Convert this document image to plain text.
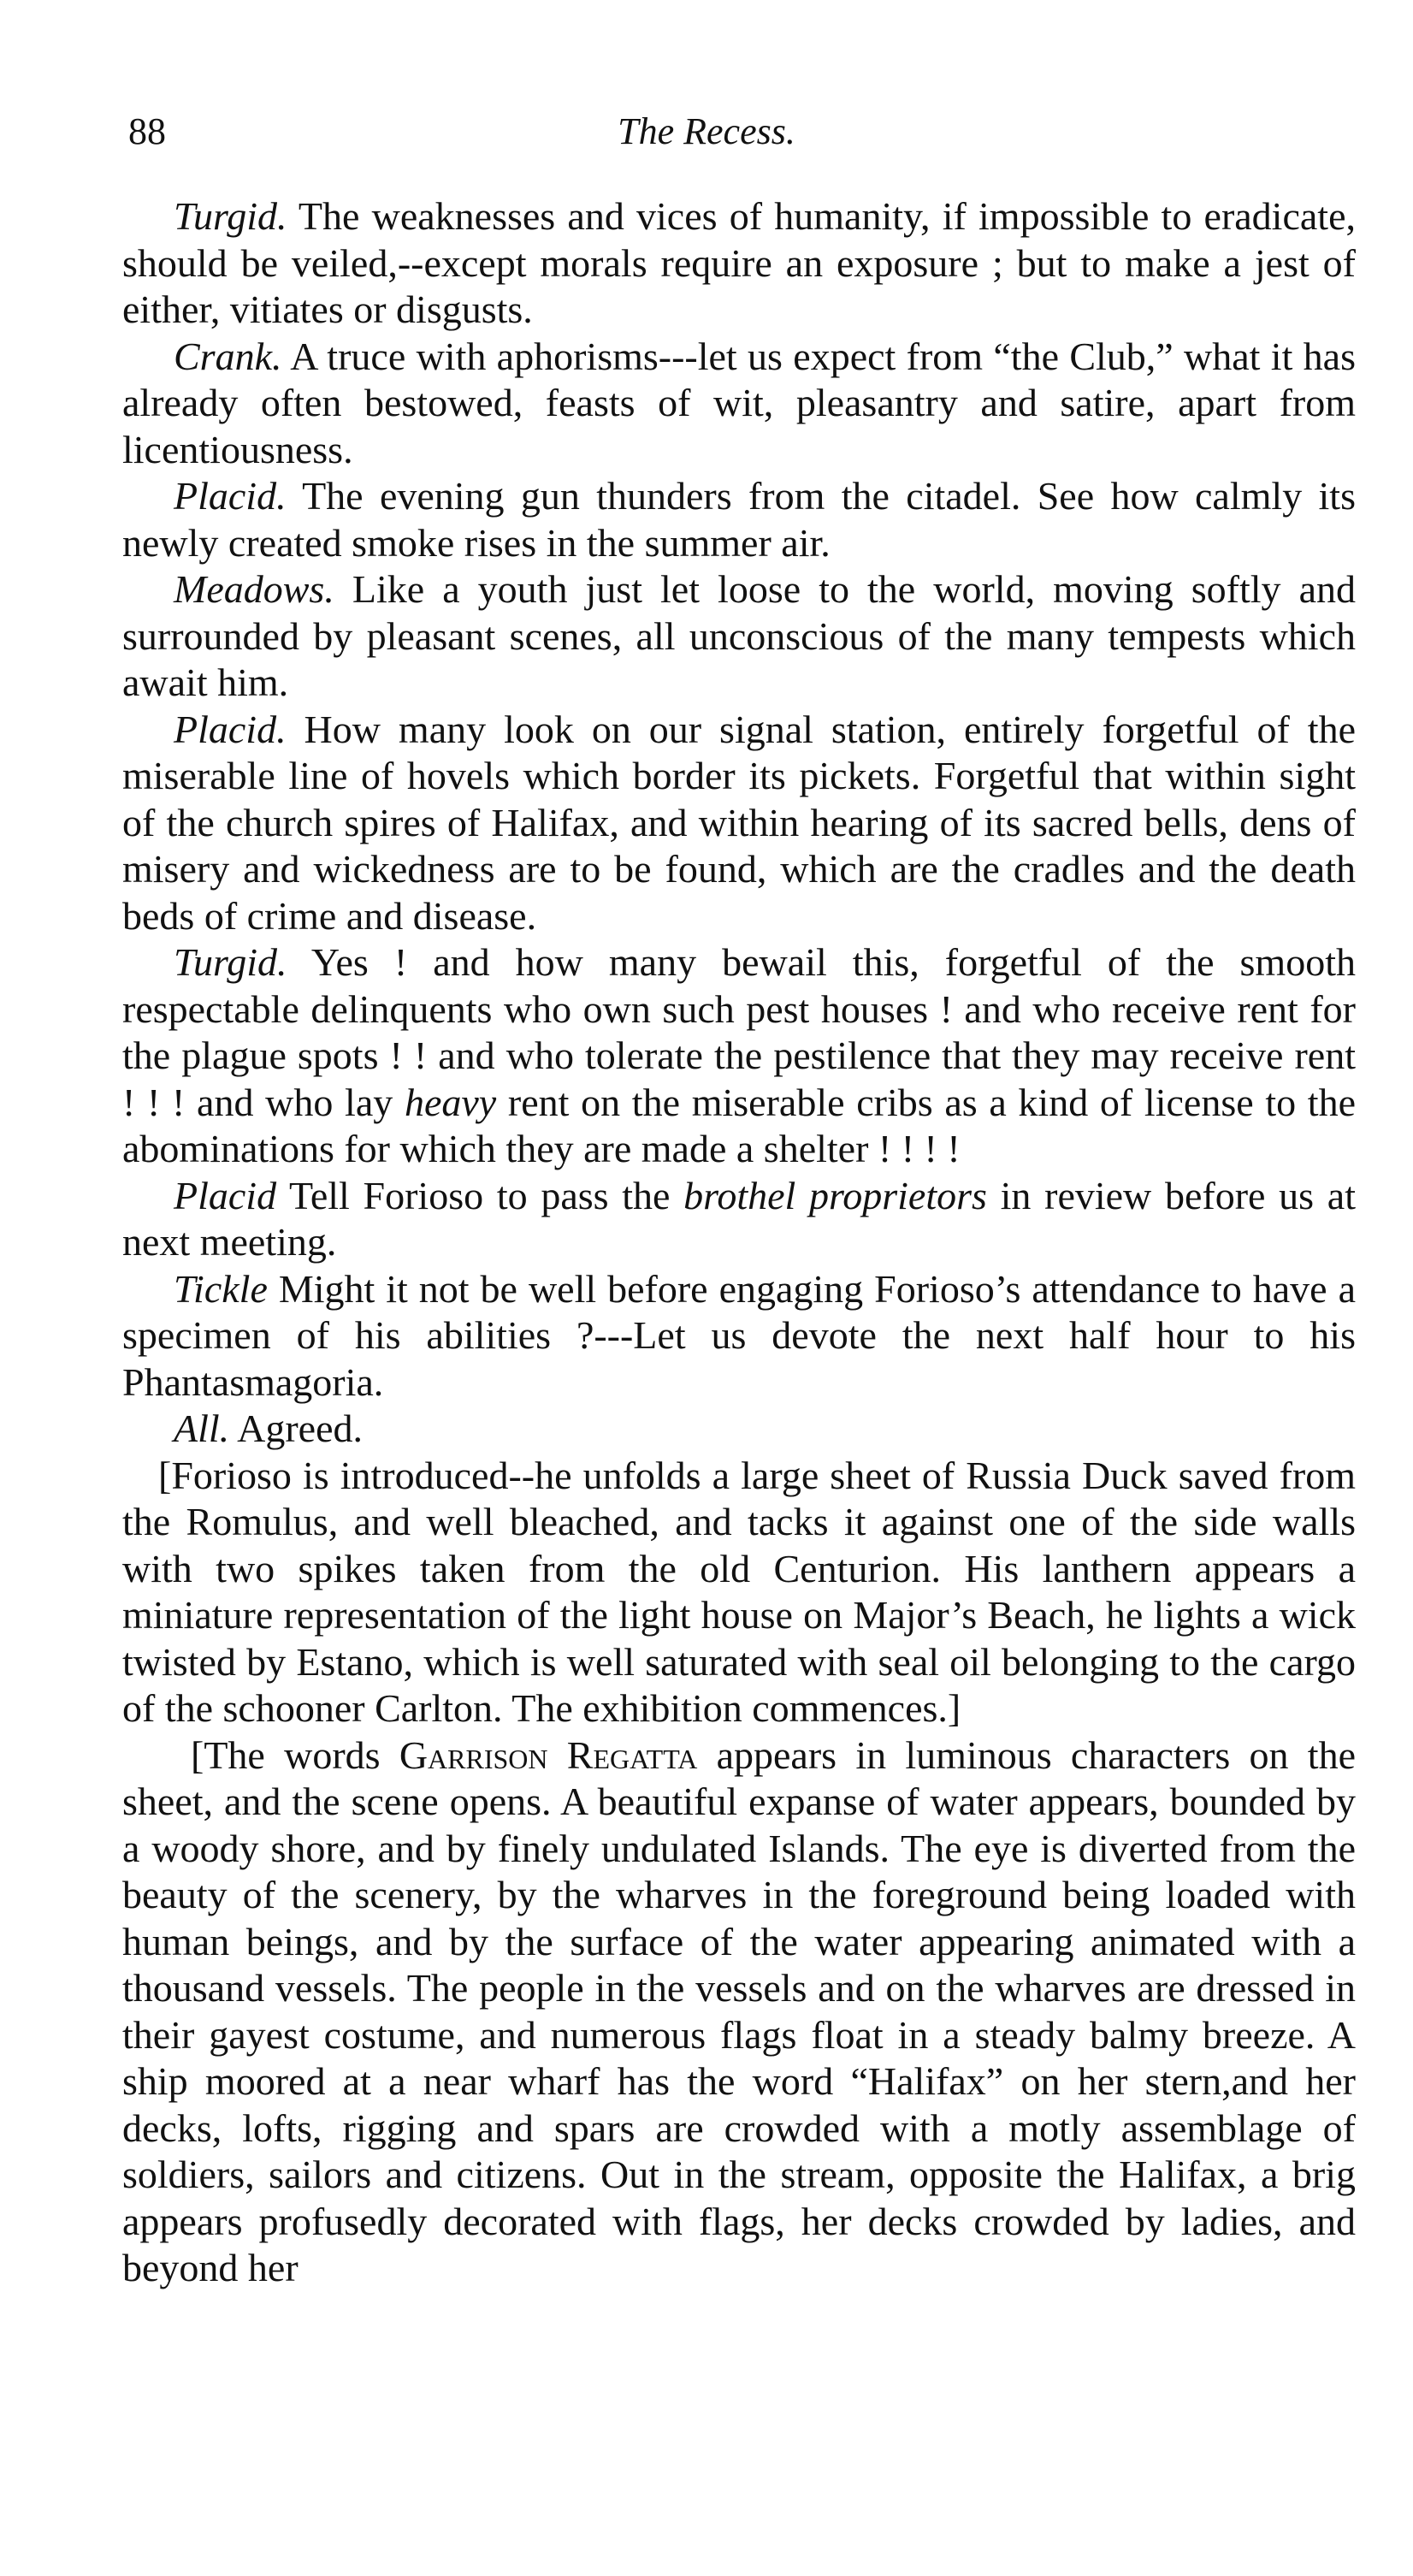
88	The Recess.

Turgid. The weaknesses and vices of humanity, if impossible to eradicate, should be veiled,--except morals require an exposure ; but to make a jest of either, vitiates or disgusts.

Crank. A truce with aphorisms---let us expect from “the Club,” what it has already often bestowed, feasts of wit, pleasantry and satire, apart from licentiousness.

Placid. The evening gun thunders from the citadel. See how calmly its newly created smoke rises in the summer air.

Meadows. Like a youth just let loose to the world, moving softly and surrounded by pleasant scenes, all unconscious of the many tempests which await him.

Placid. How many look on our signal station, entirely forgetful of the miserable line of hovels which border its pickets. Forgetful that within sight of the church spires of Halifax, and within hearing of its sacred bells, dens of misery and wickedness are to be found, which are the cradles and the death beds of crime and disease.

Turgid. Yes ! and how many bewail this, forgetful of the smooth respectable delinquents who own such pest houses ! and who receive rent for the plague spots ! ! and who tolerate the pestilence that they may receive rent ! ! ! and who lay heavy rent on the miserable cribs as a kind of license to the abominations for which they are made a shelter ! ! ! !

Placid Tell Forioso to pass the brothel proprietors in review before us at next meeting.

Tickle Might it not be well before engaging Forioso’s attendance to have a specimen of his abilities ?---Let us devote the next half hour to his Phantasmagoria.

All. Agreed.

[Forioso is introduced--he unfolds a large sheet of Russia Duck saved from the Romulus, and well bleached, and tacks it against one of the side walls with two spikes taken from the old Centurion. His lanthern appears a miniature representation of the light house on Major’s Beach, he lights a wick twisted by Estano, which is well saturated with seal oil belonging to the cargo of the schooner Carlton. The exhibition commences.]

[The words Garrison Regatta appears in luminous characters on the sheet, and the scene opens. A beautiful expanse of water appears, bounded by a woody shore, and by finely undulated Islands. The eye is diverted from the beauty of the scenery, by the wharves in the foreground being loaded with human beings, and by the surface of the water appearing animated with a thousand vessels. The people in the vessels and on the wharves are dressed in their gayest costume, and numerous flags float in a steady balmy breeze. A ship moored at a near wharf has the word “Halifax” on her stern,and her decks, lofts, rigging and spars are crowded with a motly assemblage of soldiers, sailors and citizens. Out in the stream, opposite the Halifax, a brig appears profusedly decorated with flags, her decks crowded by ladies, and beyond her
